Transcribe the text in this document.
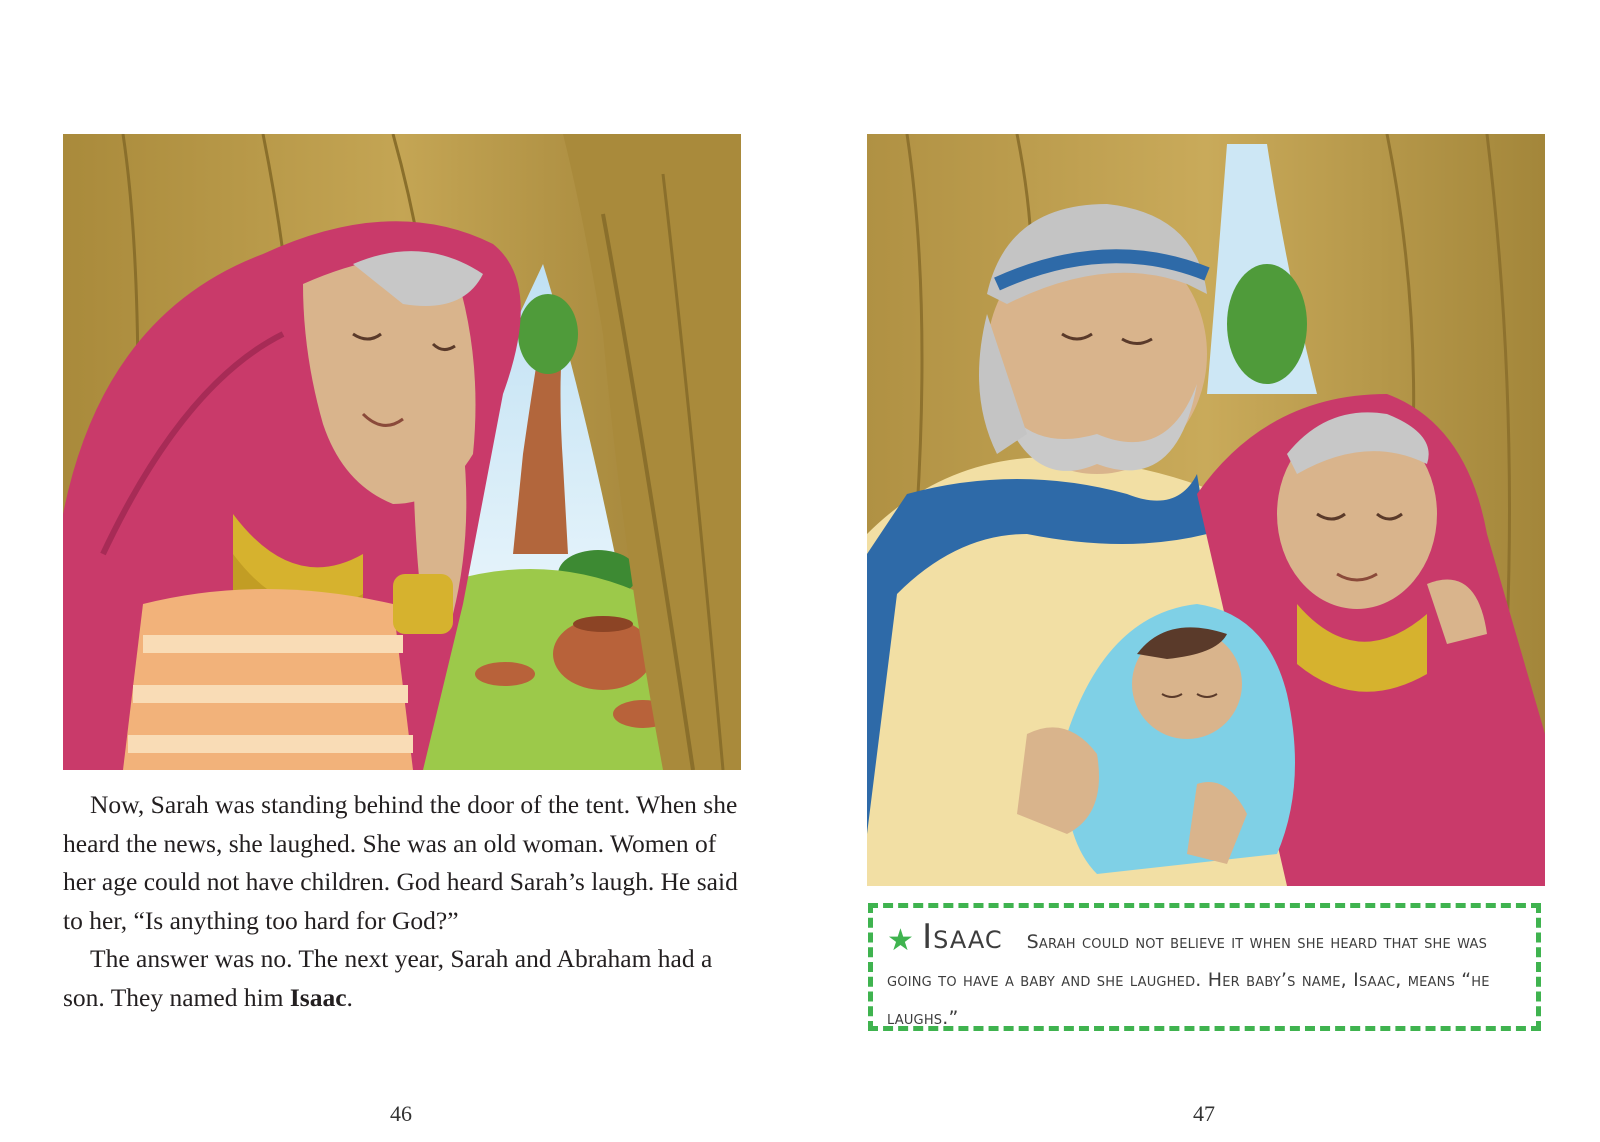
Now, Sarah was standing behind the door of the tent. When she heard the news, she laughed. She was an old woman. Women of her age could not have children. God heard Sarah’s laugh. He said to her, “Is anything too hard for God?”

The answer was no. The next year, Sarah and Abraham had a son. They named him Isaac.

★ Isaac Sarah could not believe it when she heard that she was going to have a baby and she laughed. Her baby’s name, Isaac, means “he laughs.”
46	47
